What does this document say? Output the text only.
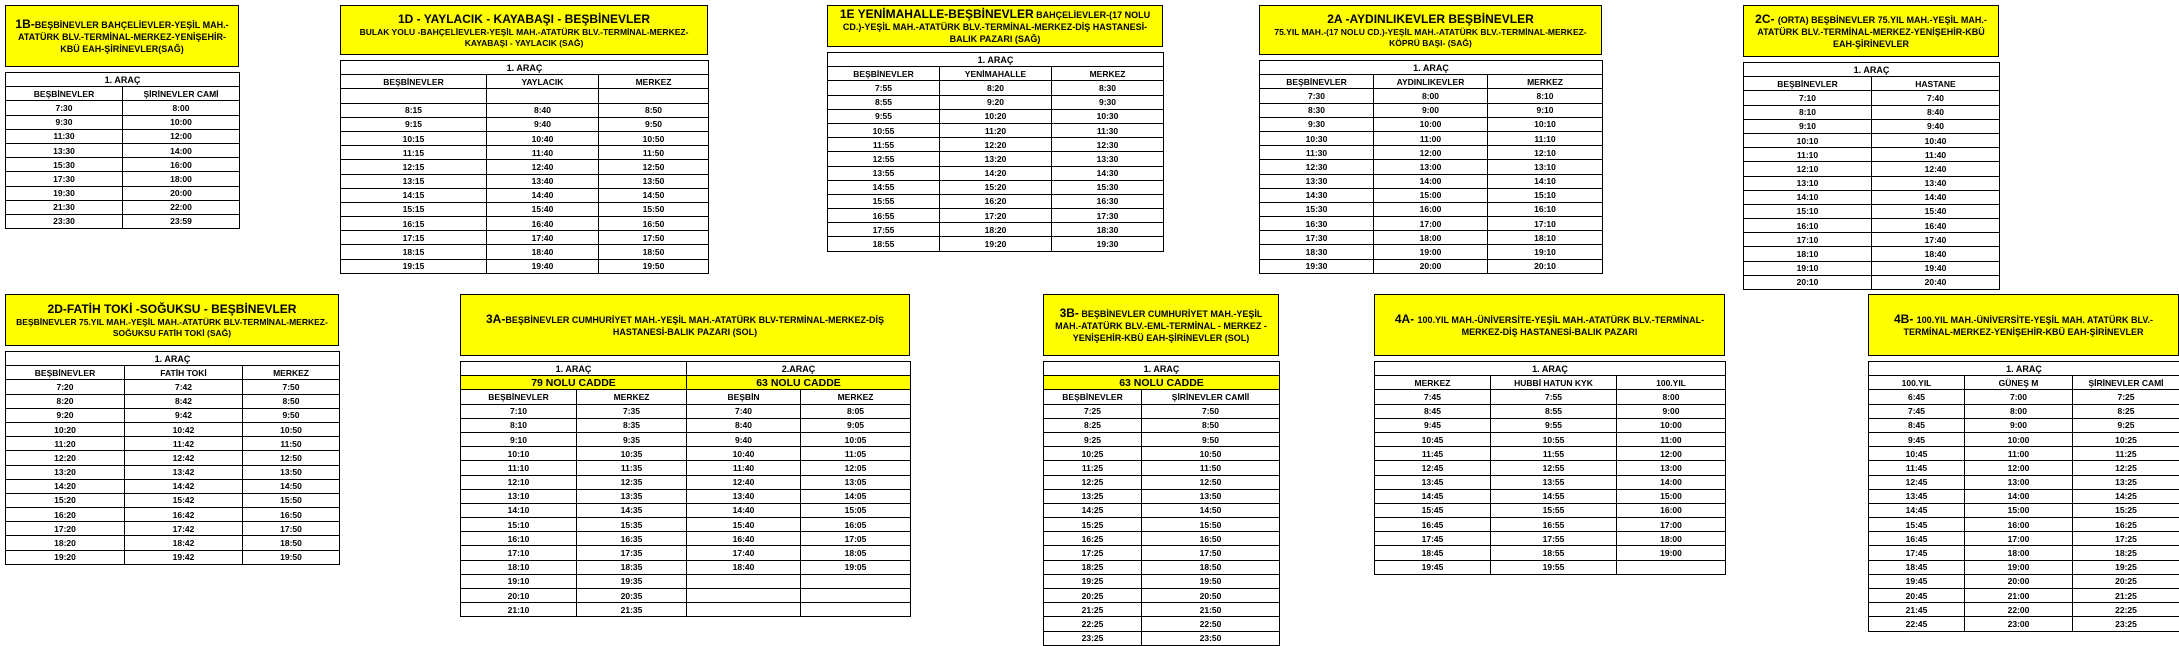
1B-BEŞBİNEVLER BAHÇELİEVLER-YEŞİL MAH.-ATATÜRK BLV.-TERMİNAL-MERKEZ-YENİŞEHİR-KBÜ EAH-ŞİRİNEVLER(SAĞ)
1. ARAÇ	
BEŞBİNEVLER	ŞİRİNEVLER CAMİ
7:30	8:00
9:30	10:00
11:30	12:00
13:30	14:00
15:30	16:00
17:30	18:00
19:30	20:00
21:30	22:00
23:30	23:59
1D - YAYLACIK - KAYABAŞI - BEŞBİNEVLER
BULAK YOLU -BAHÇELİEVLER-YEŞİL MAH.-ATATÜRK BLV.-TERMİNAL-MERKEZ-KAYABAŞI - YAYLACIK (SAĞ)
1. ARAÇ		
BEŞBİNEVLER	YAYLACIK	MERKEZ

8:15	8:40	8:50
9:15	9:40	9:50
10:15	10:40	10:50
11:15	11:40	11:50
12:15	12:40	12:50
13:15	13:40	13:50
14:15	14:40	14:50
15:15	15:40	15:50
16:15	16:40	16:50
17:15	17:40	17:50
18:15	18:40	18:50
19:15	19:40	19:50
1E YENİMAHALLE-BEŞBİNEVLER BAHÇELİEVLER-(17 NOLU CD.)-YEŞİL MAH.-ATATÜRK BLV.-TERMİNAL-MERKEZ-DİŞ HASTANESİ-BALIK PAZARI (SAĞ)
1. ARAÇ		
BEŞBİNEVLER	YENİMAHALLE	MERKEZ
7:55	8:20	8:30
8:55	9:20	9:30
9:55	10:20	10:30
10:55	11:20	11:30
11:55	12:20	12:30
12:55	13:20	13:30
13:55	14:20	14:30
14:55	15:20	15:30
15:55	16:20	16:30
16:55	17:20	17:30
17:55	18:20	18:30
18:55	19:20	19:30
2A -AYDINLIKEVLER BEŞBİNEVLER
75.YIL MAH.-(17 NOLU CD.)-YEŞİL MAH.-ATATÜRK BLV.-TERMİNAL-MERKEZ-KÖPRÜ BAŞI- (SAĞ)
1. ARAÇ		
BEŞBİNEVLER	AYDINLIKEVLER	MERKEZ
7:30	8:00	8:10
8:30	9:00	9:10
9:30	10:00	10:10
10:30	11:00	11:10
11:30	12:00	12:10
12:30	13:00	13:10
13:30	14:00	14:10
14:30	15:00	15:10
15:30	16:00	16:10
16:30	17:00	17:10
17:30	18:00	18:10
18:30	19:00	19:10
19:30	20:00	20:10
2C- (ORTA) BEŞBİNEVLER 75.YIL MAH.-YEŞİL MAH.-ATATÜRK BLV.-TERMİNAL-MERKEZ-YENİŞEHİR-KBÜ EAH-ŞİRİNEVLER
1. ARAÇ	
BEŞBİNEVLER	HASTANE
7:10	7:40
8:10	8:40
9:10	9:40
10:10	10:40
11:10	11:40
12:10	12:40
13:10	13:40
14:10	14:40
15:10	15:40
16:10	16:40
17:10	17:40
18:10	18:40
19:10	19:40
20:10	20:40
2D-FATİH TOKİ -SOĞUKSU - BEŞBİNEVLER
BEŞBİNEVLER 75.YIL MAH.-YEŞİL MAH.-ATATÜRK BLV-TERMİNAL-MERKEZ-SOĞUKSU FATİH TOKİ (SAĞ)
1. ARAÇ		
BEŞBİNEVLER	FATİH TOKİ	MERKEZ
7:20	7:42	7:50
8:20	8:42	8:50
9:20	9:42	9:50
10:20	10:42	10:50
11:20	11:42	11:50
12:20	12:42	12:50
13:20	13:42	13:50
14:20	14:42	14:50
15:20	15:42	15:50
16:20	16:42	16:50
17:20	17:42	17:50
18:20	18:42	18:50
19:20	19:42	19:50
3A-BEŞBİNEVLER CUMHURİYET MAH.-YEŞİL MAH.-ATATÜRK BLV-TERMİNAL-MERKEZ-DİŞ HASTANESİ-BALIK PAZARI (SOL)
1. ARAÇ		2.ARAÇ	
79 NOLU CADDE		63 NOLU CADDE	
BEŞBİNEVLER	MERKEZ	BEŞBİN	MERKEZ
7:10	7:35	7:40	8:05
8:10	8:35	8:40	9:05
9:10	9:35	9:40	10:05
10:10	10:35	10:40	11:05
11:10	11:35	11:40	12:05
12:10	12:35	12:40	13:05
13:10	13:35	13:40	14:05
14:10	14:35	14:40	15:05
15:10	15:35	15:40	16:05
16:10	16:35	16:40	17:05
17:10	17:35	17:40	18:05
18:10	18:35	18:40	19:05
19:10	19:35		
20:10	20:35		
21:10	21:35		
3B- BEŞBİNEVLER CUMHURİYET MAH.-YEŞİL MAH.-ATATÜRK BLV.-EML-TERMİNAL - MERKEZ - YENİŞEHİR-KBÜ EAH-ŞİRİNEVLER (SOL)
1. ARAÇ	
63 NOLU CADDE	
BEŞBİNEVLER	ŞİRİNEVLER CAMİİ
7:25	7:50
8:25	8:50
9:25	9:50
10:25	10:50
11:25	11:50
12:25	12:50
13:25	13:50
14:25	14:50
15:25	15:50
16:25	16:50
17:25	17:50
18:25	18:50
19:25	19:50
20:25	20:50
21:25	21:50
22:25	22:50
23:25	23:50
4A- 100.YIL MAH.-ÜNİVERSİTE-YEŞİL MAH.-ATATÜRK BLV.-TERMİNAL-MERKEZ-DİŞ HASTANESİ-BALIK PAZARI
1. ARAÇ		
MERKEZ	HUBBİ HATUN KYK	100.YIL
7:45	7:55	8:00
8:45	8:55	9:00
9:45	9:55	10:00
10:45	10:55	11:00
11:45	11:55	12:00
12:45	12:55	13:00
13:45	13:55	14:00
14:45	14:55	15:00
15:45	15:55	16:00
16:45	16:55	17:00
17:45	17:55	18:00
18:45	18:55	19:00
19:45	19:55	
4B- 100.YIL MAH.-ÜNİVERSİTE-YEŞİL MAH. ATATÜRK BLV.-TERMİNAL-MERKEZ-YENİŞEHİR-KBÜ EAH-ŞİRİNEVLER
1. ARAÇ		
100.YIL	GÜNEŞ M	ŞİRİNEVLER CAMİ
6:45	7:00	7:25
7:45	8:00	8:25
8:45	9:00	9:25
9:45	10:00	10:25
10:45	11:00	11:25
11:45	12:00	12:25
12:45	13:00	13:25
13:45	14:00	14:25
14:45	15:00	15:25
15:45	16:00	16:25
16:45	17:00	17:25
17:45	18:00	18:25
18:45	19:00	19:25
19:45	20:00	20:25
20:45	21:00	21:25
21:45	22:00	22:25
22:45	23:00	23:25
